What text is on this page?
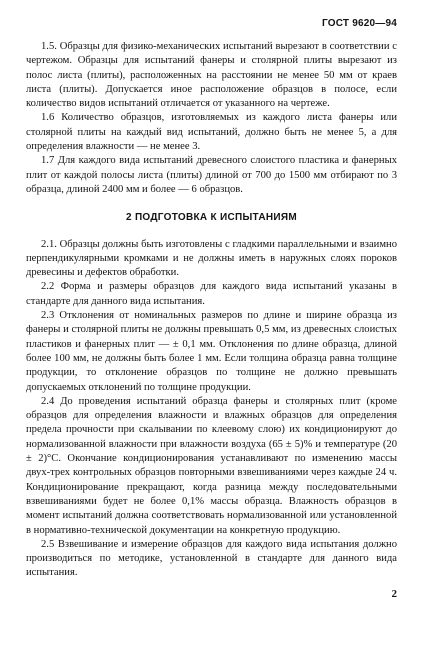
ГОСТ 9620—94

1.5. Образцы для физико-механических испытаний вырезают в соответствии с чертежом. Образцы для испытаний фанеры и столярной плиты вырезают из полос листа (плиты), расположенных на расстоянии не менее 50 мм от краев листа (плиты). Допускается иное расположение образцов в полосе, если количество видов испытаний отличается от указанного на чертеже.

1.6 Количество образцов, изготовляемых из каждого листа фанеры или столярной плиты на каждый вид испытаний, должно быть не менее 5, а для определения влажности — не менее 3.

1.7 Для каждого вида испытаний древесного слоистого пластика и фанерных плит от каждой полосы листа (плиты) длиной от 700 до 1500 мм отбирают по 3 образца, длиной 2400 мм и более — 6 образцов.

2 ПОДГОТОВКА К ИСПЫТАНИЯМ

2.1. Образцы должны быть изготовлены с гладкими параллельными и взаимно перпендикулярными кромками и не должны иметь в наружных слоях пороков древесины и дефектов обработки.

2.2 Форма и размеры образцов для каждого вида испытаний указаны в стандарте для данного вида испытания.

2.3 Отклонения от номинальных размеров по длине и ширине образца из фанеры и столярной плиты не должны превышать 0,5 мм, из древесных слоистых пластиков и фанерных плит — ± 0,1 мм. Отклонения по длине образца, длиной более 100 мм, не должны быть более 1 мм. Если толщина образца равна толщине продукции, то отклонение образцов по толщине не должно превышать допускаемых отклонений по толщине продукции.

2.4 До проведения испытаний образца фанеры и столярных плит (кроме образцов для определения влажности и влажных образцов для определения предела прочности при скалывании по клеевому слою) их кондиционируют до нормализованной влажности при влажности воздуха (65 ± 5)% и температуре (20 ± 2)°C. Окончание кондиционирования устанавливают по изменению массы двух-трех контрольных образцов повторными взвешиваниями через каждые 24 ч. Кондиционирование прекращают, когда разница между последовательными взвешиваниями будет не более 0,1% массы образца. Влажность образцов в момент испытаний должна соответствовать нормализованной или установленной в нормативно-технической документации на конкретную продукцию.

2.5 Взвешивание и измерение образцов для каждого вида испытания должно производиться по методике, установленной в стандарте для данного вида испытания.

2
